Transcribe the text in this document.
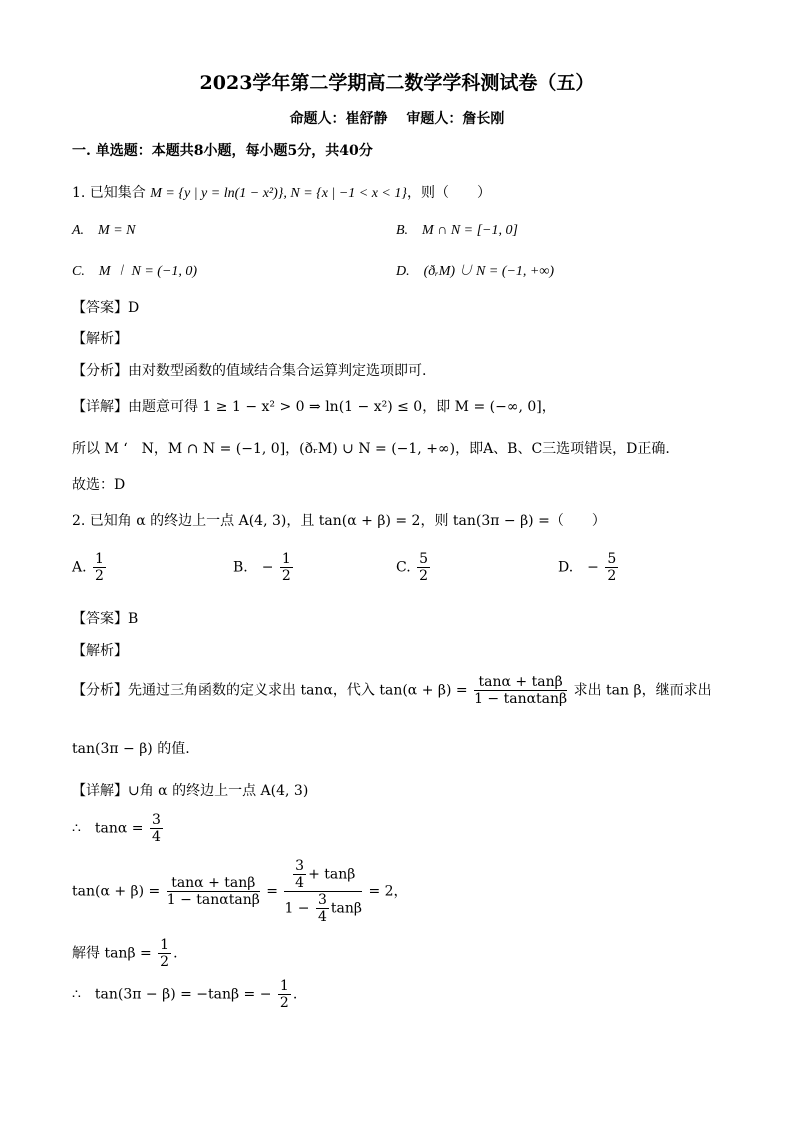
2023学年第二学期高二数学学科测试卷（五）
命题人：崔舒静　 审题人：詹长刚
一. 单选题：本题共8小题，每小题5分，共40分
1. 已知集合 M = {y | y = ln(1 − x²)}, N = {x | −1 < x < 1}，则（　　）
A.　M = N	B.　M ∩ N = [−1, 0]
C.　M ∣ N = (−1, 0)	D.　(ðᵣM) ∪ N = (−1, +∞)
【答案】D
【解析】
【分析】由对数型函数的值域结合集合运算判定选项即可.
【详解】由题意可得 1 ≥ 1 − x² > 0 ⇒ ln(1 − x²) ≤ 0，即 M = (−∞, 0]，
所以 M ‘　N，M ∩ N = (−1, 0]，(ðᵣM) ∪ N = (−1, +∞)，即A、B、C三选项错误，D正确.
故选：D
2. 已知角 α 的终边上一点 A(4, 3)，且 tan(α + β) = 2，则 tan(3π − β) =（　　）
A. $\frac{1}{2}$	B.　− $\frac{1}{2}$	C. $\frac{5}{2}$	D.　− $\frac{5}{2}$
【答案】B
【解析】
【分析】先通过三角函数的定义求出 tanα，代入 $\tan(\alpha + \beta) = \frac{\tan\alpha + \tan\beta}{1 - \tan\alpha\tan\beta}$ 求出 tan β，继而求出
tan(3π − β) 的值.
【详解】∪角 α 的终边上一点 A(4, 3)
∴　$\tan\alpha = \frac{3}{4}$
$\tan(\alpha + \beta) = \frac{\tan\alpha + \tan\beta}{1 - \tan\alpha\tan\beta} = \frac{\frac{3}{4} + \tan\beta}{1 - \frac{3}{4} \tan\beta} = 2$，
解得 $\tan\beta = \frac{1}{2}$ .
∴　tan(3π − β) = −tanβ = − $\frac{1}{2}$ .
